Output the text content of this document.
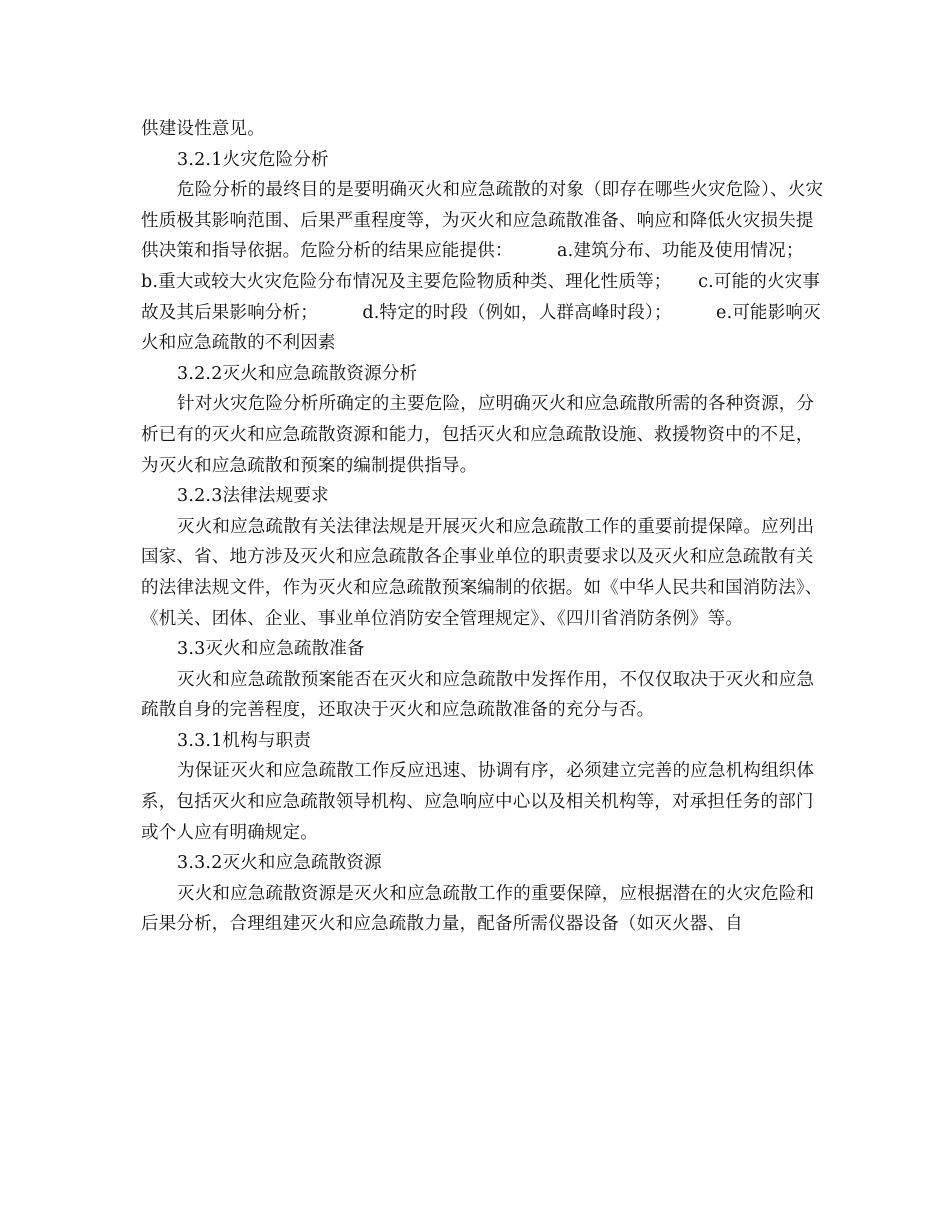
供建设性意见。

3.2.1火灾危险分析

危险分析的最终目的是要明确灭火和应急疏散的对象（即存在哪些火灾危险）、火灾性质极其影响范围、后果严重程度等，为灭火和应急疏散准备、响应和降低火灾损失提供决策和指导依据。危险分析的结果应能提供：　　　a.建筑分布、功能及使用情况；　　　b.重大或较大火灾危险分布情况及主要危险物质种类、理化性质等；　　c.可能的火灾事故及其后果影响分析；　　　d.特定的时段（例如，人群高峰时段）；　　　e.可能影响灭火和应急疏散的不利因素

3.2.2灭火和应急疏散资源分析

针对火灾危险分析所确定的主要危险，应明确灭火和应急疏散所需的各种资源，分析已有的灭火和应急疏散资源和能力，包括灭火和应急疏散设施、救援物资中的不足，为灭火和应急疏散和预案的编制提供指导。

3.2.3法律法规要求

灭火和应急疏散有关法律法规是开展灭火和应急疏散工作的重要前提保障。应列出国家、省、地方涉及灭火和应急疏散各企事业单位的职责要求以及灭火和应急疏散有关的法律法规文件，作为灭火和应急疏散预案编制的依据。如《中华人民共和国消防法》、《机关、团体、企业、事业单位消防安全管理规定》、《四川省消防条例》等。

3.3灭火和应急疏散准备

灭火和应急疏散预案能否在灭火和应急疏散中发挥作用，不仅仅取决于灭火和应急疏散自身的完善程度，还取决于灭火和应急疏散准备的充分与否。

3.3.1机构与职责

为保证灭火和应急疏散工作反应迅速、协调有序，必须建立完善的应急机构组织体系，包括灭火和应急疏散领导机构、应急响应中心以及相关机构等，对承担任务的部门或个人应有明确规定。

3.3.2灭火和应急疏散资源

灭火和应急疏散资源是灭火和应急疏散工作的重要保障，应根据潜在的火灾危险和后果分析，合理组建灭火和应急疏散力量，配备所需仪器设备（如灭火器、自
